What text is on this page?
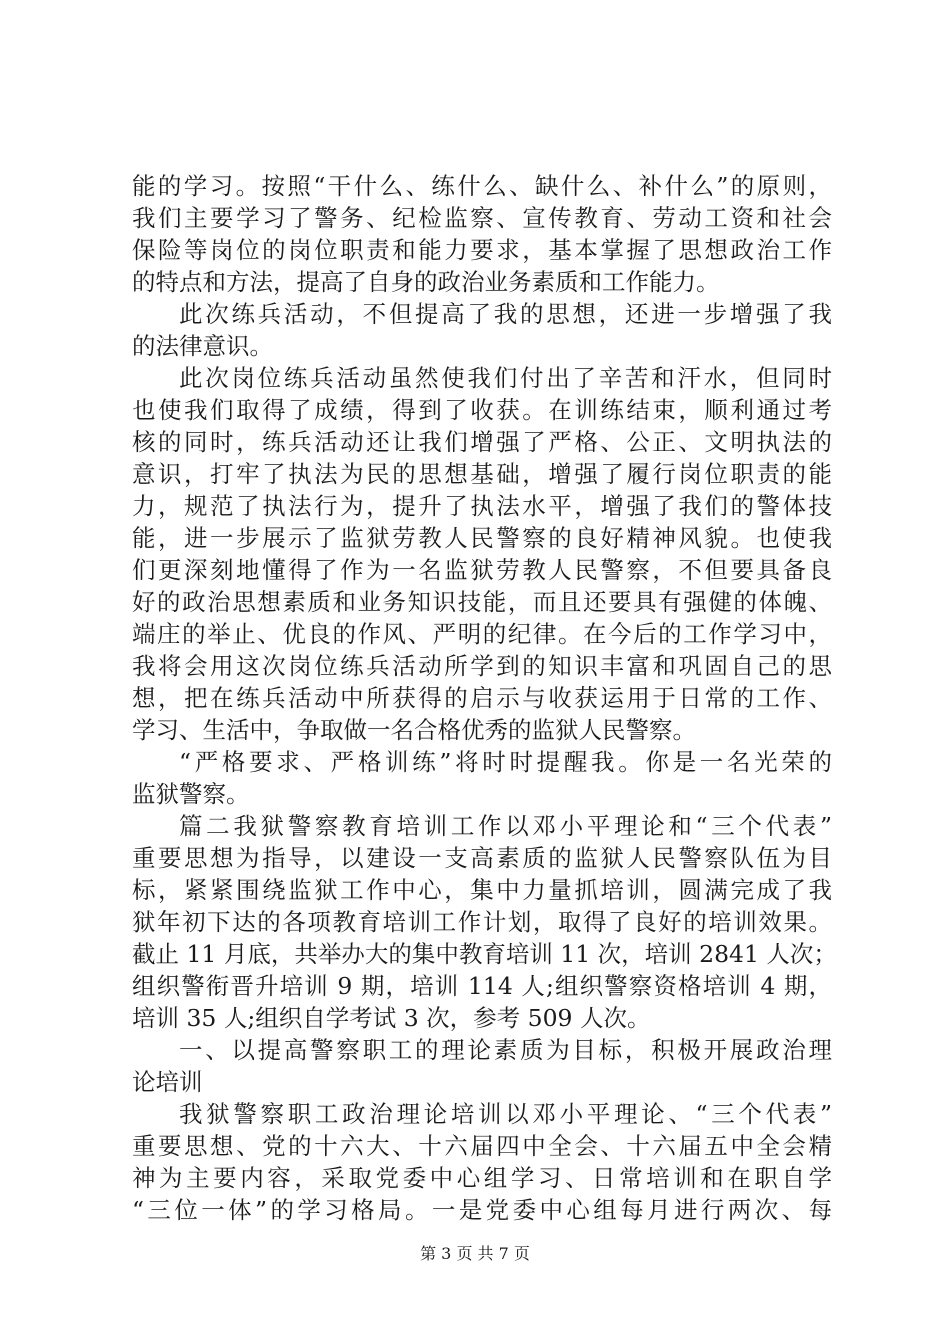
能的学习。按照“干什么、练什么、缺什么、补什么”的原则，
我们主要学习了警务、纪检监察、宣传教育、劳动工资和社会
保险等岗位的岗位职责和能力要求，基本掌握了思想政治工作
的特点和方法，提高了自身的政治业务素质和工作能力。
此次练兵活动，不但提高了我的思想，还进一步增强了我
的法律意识。
此次岗位练兵活动虽然使我们付出了辛苦和汗水，但同时
也使我们取得了成绩，得到了收获。在训练结束，顺利通过考
核的同时，练兵活动还让我们增强了严格、公正、文明执法的
意识，打牢了执法为民的思想基础，增强了履行岗位职责的能
力，规范了执法行为，提升了执法水平，增强了我们的警体技
能，进一步展示了监狱劳教人民警察的良好精神风貌。也使我
们更深刻地懂得了作为一名监狱劳教人民警察，不但要具备良
好的政治思想素质和业务知识技能，而且还要具有强健的体魄、
端庄的举止、优良的作风、严明的纪律。在今后的工作学习中，
我将会用这次岗位练兵活动所学到的知识丰富和巩固自己的思
想，把在练兵活动中所获得的启示与收获运用于日常的工作、
学习、生活中，争取做一名合格优秀的监狱人民警察。
“严格要求、严格训练”将时时提醒我。你是一名光荣的
监狱警察。
篇二我狱警察教育培训工作以邓小平理论和“三个代表”
重要思想为指导，以建设一支高素质的监狱人民警察队伍为目
标，紧紧围绕监狱工作中心，集中力量抓培训，圆满完成了我
狱年初下达的各项教育培训工作计划，取得了良好的培训效果。
截止 11 月底，共举办大的集中教育培训 11 次，培训 2841 人次；
组织警衔晋升培训 9 期，培训 114 人;组织警察资格培训 4 期，
培训 35 人;组织自学考试 3 次，参考 509 人次。
一、以提高警察职工的理论素质为目标，积极开展政治理
论培训
我狱警察职工政治理论培训以邓小平理论、“三个代表”
重要思想、党的十六大、十六届四中全会、十六届五中全会精
神为主要内容，采取党委中心组学习、日常培训和在职自学
“三位一体”的学习格局。一是党委中心组每月进行两次、每
第 3 页 共 7 页
